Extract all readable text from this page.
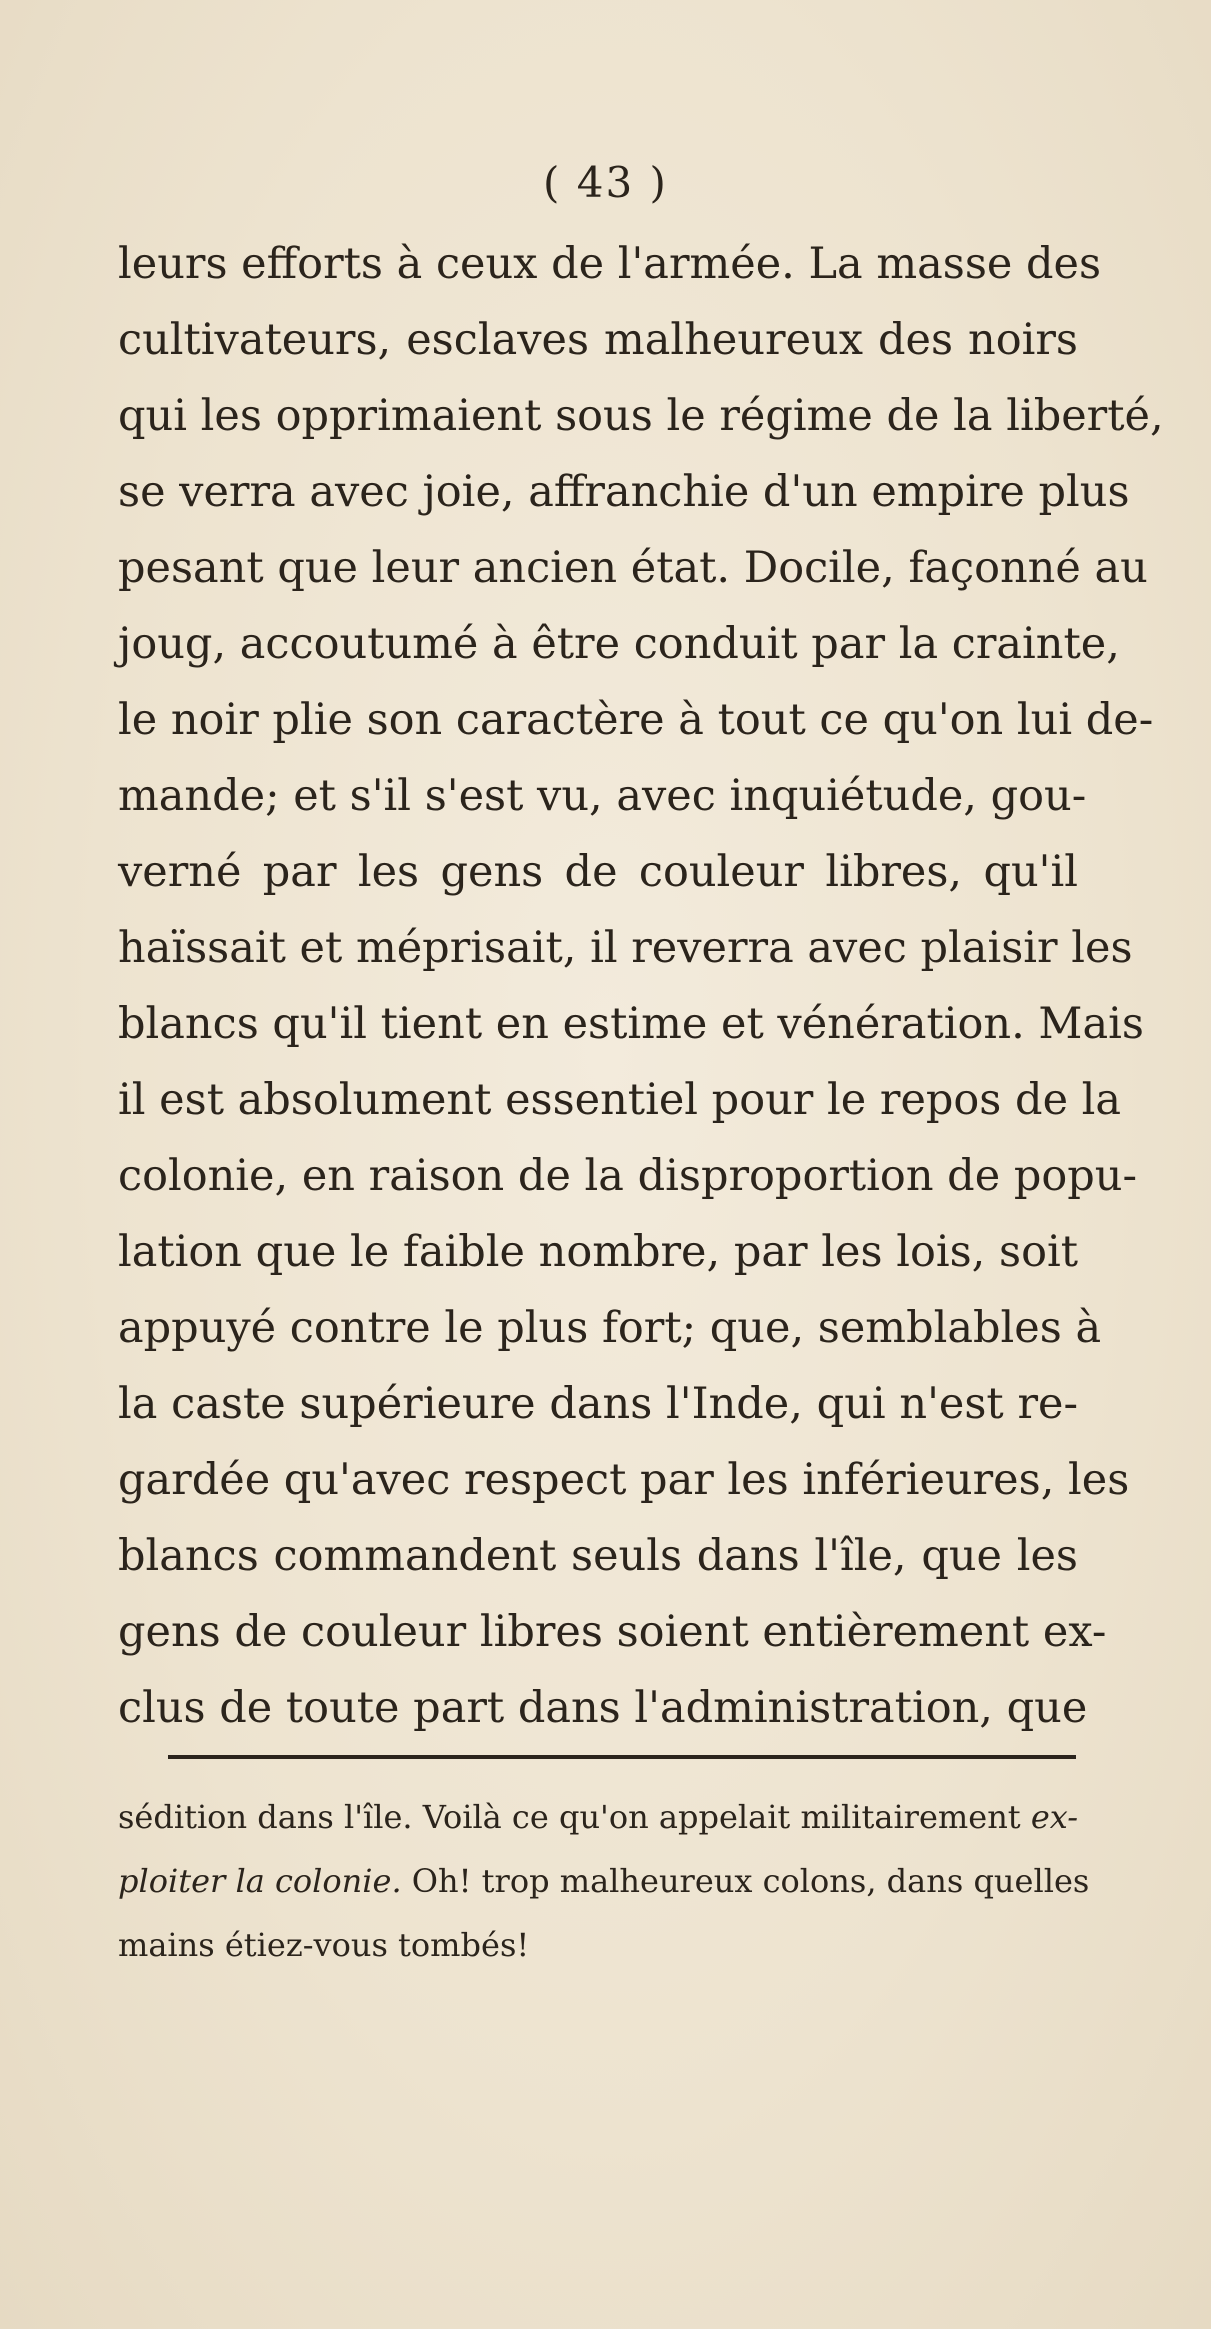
( 43 )
leurs efforts à ceux de l'armée. La masse des
cultivateurs, esclaves malheureux des noirs
qui les opprimaient sous le régime de la liberté,
se verra avec joie, affranchie d'un empire plus
pesant que leur ancien état. Docile, façonné au
joug, accoutumé à être conduit par la crainte,
le noir plie son caractère à tout ce qu'on lui de-
mande; et s'il s'est vu, avec inquiétude, gou-
verné par les gens de couleur libres, qu'il
haïssait et méprisait, il reverra avec plaisir les
blancs qu'il tient en estime et vénération. Mais
il est absolument essentiel pour le repos de la
colonie, en raison de la disproportion de popu-
lation que le faible nombre, par les lois, soit
appuyé contre le plus fort; que, semblables à
la caste supérieure dans l'Inde, qui n'est re-
gardée qu'avec respect par les inférieures, les
blancs commandent seuls dans l'île, que les
gens de couleur libres soient entièrement ex-
clus de toute part dans l'administration, que
sédition dans l'île. Voilà ce qu'on appelait militairement ex-
ploiter la colonie. Oh! trop malheureux colons, dans quelles
mains étiez-vous tombés!
